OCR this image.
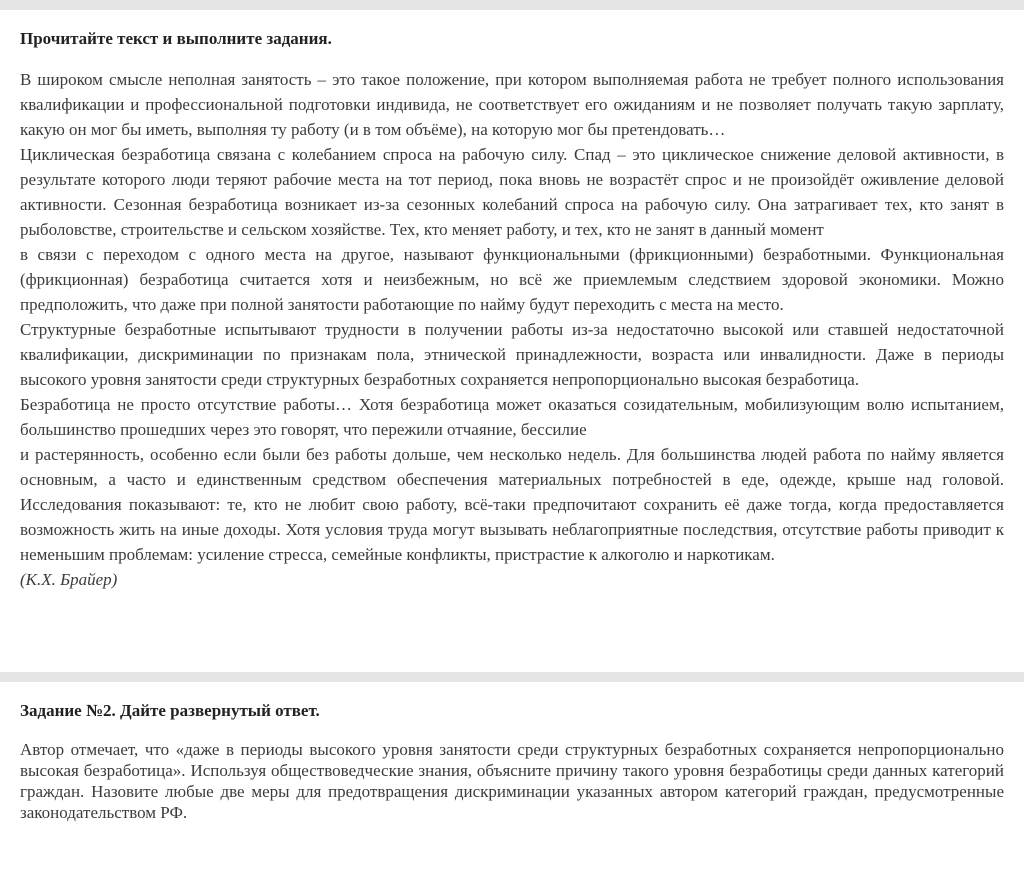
Прочитайте текст и выполните задания.

В широком смысле неполная занятость – это такое положение, при котором выполняемая работа не требует полного использования квалификации и профессиональной подготовки индивида, не соответствует его ожиданиям и не позволяет получать такую зарплату, какую он мог бы иметь, выполняя ту работу (и в том объёме), на которую мог бы претендовать…

Циклическая безработица связана с колебанием спроса на рабочую силу. Спад – это циклическое снижение деловой активности, в результате которого люди теряют рабочие места на тот период, пока вновь не возрастёт спрос и не произойдёт оживление деловой активности. Сезонная безработица возникает из-за сезонных колебаний спроса на рабочую силу. Она затрагивает тех, кто занят в рыболовстве, строительстве и сельском хозяйстве. Тех, кто меняет работу, и тех, кто не занят в данный момент

в связи с переходом с одного места на другое, называют функциональными (фрикционными) безработными. Функциональная (фрикционная) безработица считается хотя и неизбежным, но всё же приемлемым следствием здоровой экономики. Можно предположить, что даже при полной занятости работающие по найму будут переходить с места на место.

Структурные безработные испытывают трудности в получении работы из-за недостаточно высокой или ставшей недостаточной квалификации, дискриминации по признакам пола, этнической принадлежности, возраста или инвалидности. Даже в периоды высокого уровня занятости среди структурных безработных сохраняется непропорционально высокая безработица.

Безработица не просто отсутствие работы… Хотя безработица может оказаться созидательным, мобилизующим волю испытанием, большинство прошедших через это говорят, что пережили отчаяние, бессилие

и растерянность, особенно если были без работы дольше, чем несколько недель. Для большинства людей работа по найму является основным, а часто и единственным средством обеспечения материальных потребностей в еде, одежде, крыше над головой. Исследования показывают: те, кто не любит свою работу, всё-таки предпочитают сохранить её даже тогда, когда предоставляется возможность жить на иные доходы. Хотя условия труда могут вызывать неблагоприятные последствия, отсутствие работы приводит к неменьшим проблемам: усиление стресса, семейные конфликты, пристрастие к алкоголю и наркотикам.

(К.Х. Брайер)
Задание №2. Дайте развернутый ответ.

Автор отмечает, что «даже в периоды высокого уровня занятости среди структурных безработных сохраняется непропорционально высокая безработица». Используя обществоведческие знания, объясните причину такого уровня безработицы среди данных категорий граждан. Назовите любые две меры для предотвращения дискриминации указанных автором категорий граждан, предусмотренные законодательством РФ.
